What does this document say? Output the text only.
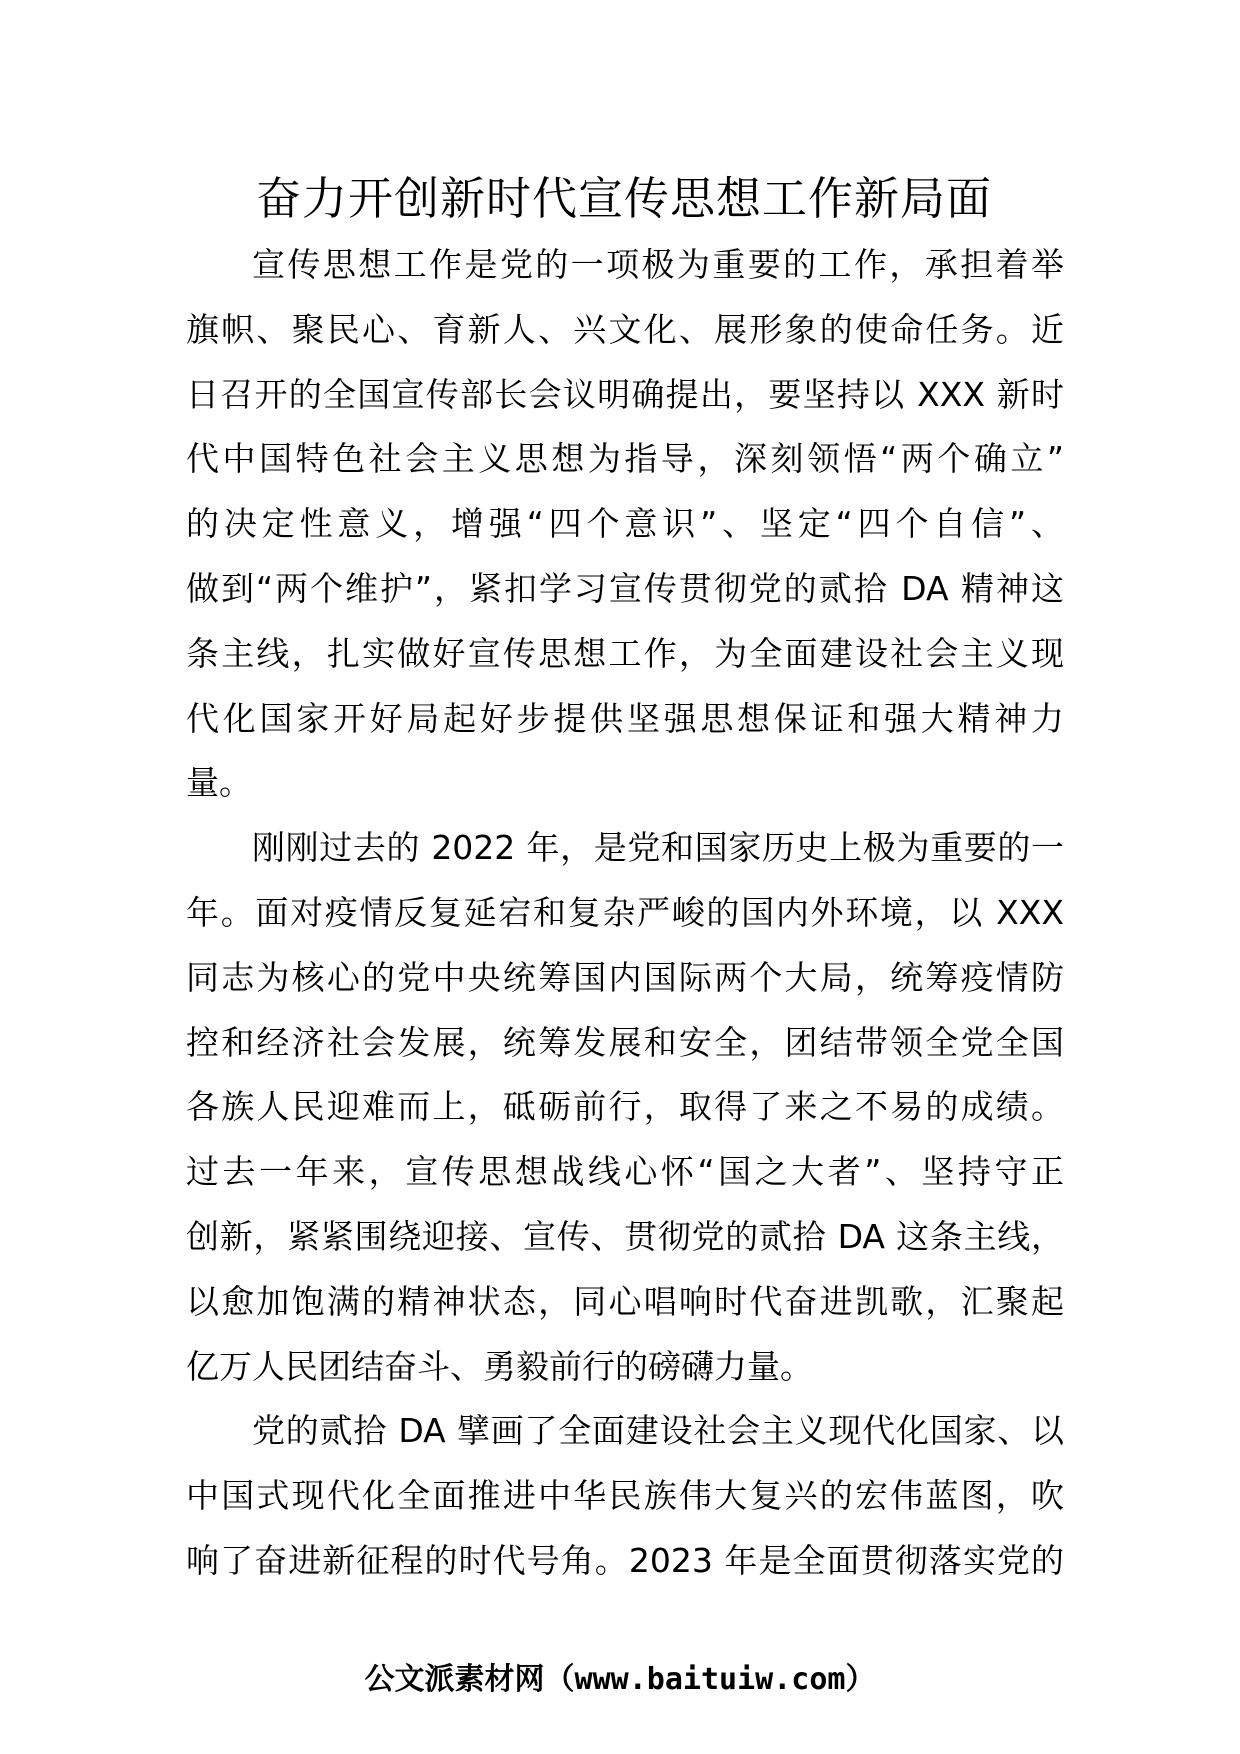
奋力开创新时代宣传思想工作新局面
宣传思想工作是党的一项极为重要的工作，承担着举
旗帜、聚民心、育新人、兴文化、展形象的使命任务。近
日召开的全国宣传部长会议明确提出，要坚持以 XXX 新时
代中国特色社会主义思想为指导，深刻领悟“两个确立”
的决定性意义，增强“四个意识”、坚定“四个自信”、
做到“两个维护”，紧扣学习宣传贯彻党的贰拾 DA 精神这
条主线，扎实做好宣传思想工作，为全面建设社会主义现
代化国家开好局起好步提供坚强思想保证和强大精神力
量。
刚刚过去的 2022 年，是党和国家历史上极为重要的一
年。面对疫情反复延宕和复杂严峻的国内外环境，以 XXX
同志为核心的党中央统筹国内国际两个大局，统筹疫情防
控和经济社会发展，统筹发展和安全，团结带领全党全国
各族人民迎难而上，砥砺前行，取得了来之不易的成绩。
过去一年来，宣传思想战线心怀“国之大者”、坚持守正
创新，紧紧围绕迎接、宣传、贯彻党的贰拾 DA 这条主线，
以愈加饱满的精神状态，同心唱响时代奋进凯歌，汇聚起
亿万人民团结奋斗、勇毅前行的磅礴力量。
党的贰拾 DA 擘画了全面建设社会主义现代化国家、以
中国式现代化全面推进中华民族伟大复兴的宏伟蓝图，吹
响了奋进新征程的时代号角。2023 年是全面贯彻落实党的
公文派素材网（www.baituiw.com）
